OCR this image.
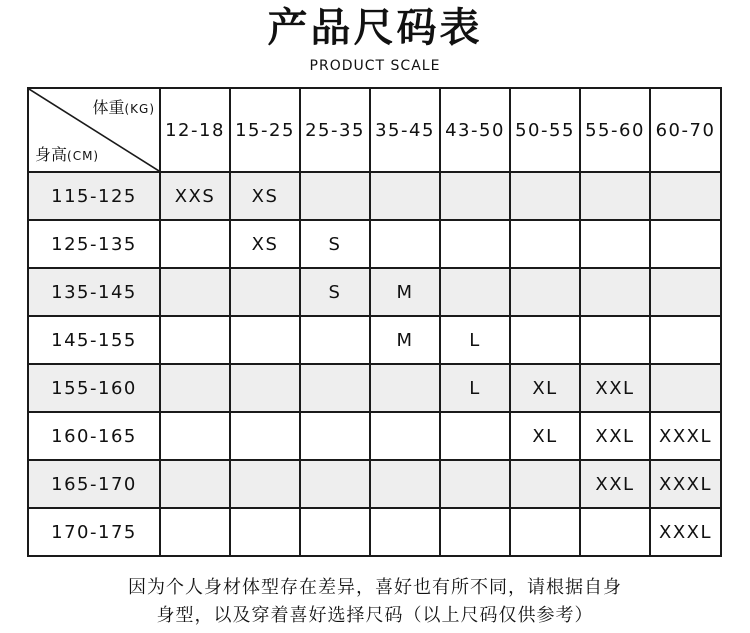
产品尺码表
PRODUCT SCALE
体重(KG)
身高(CM)	12-18	15-25	25-35	35-45	43-50	50-55	55-60	60-70
115-125	XXS	XS						
125-135		XS	S					
135-145			S	M				
145-155				M	L			
155-160					L	XL	XXL	
160-165						XL	XXL	XXXL
165-170							XXL	XXXL
170-175								XXXL
因为个人身材体型存在差异，喜好也有所不同，请根据自身
身型，以及穿着喜好选择尺码（以上尺码仅供参考）
